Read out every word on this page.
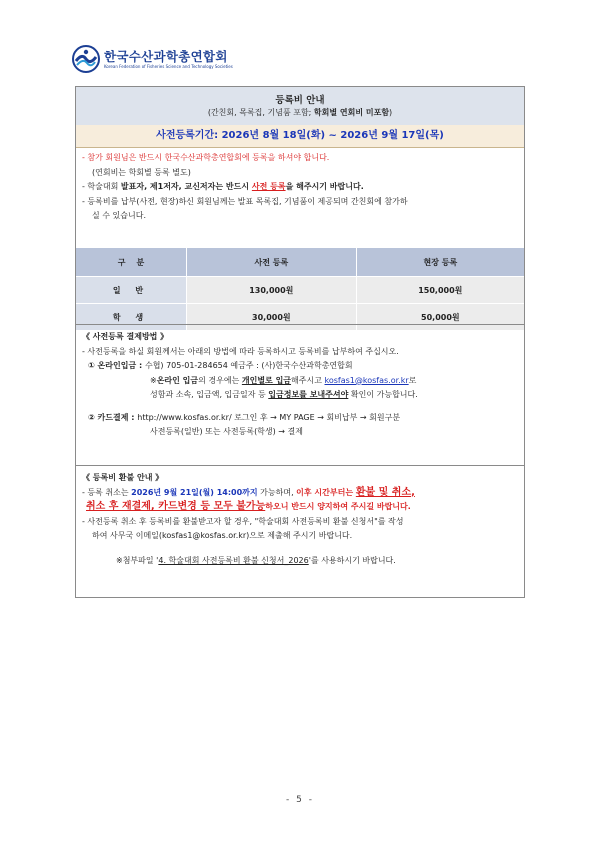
한국수산과학총연합회
Korean Federation of Fisheries Science and Technology Societies
등록비 안내
(간친회, 목록집, 기념품 포함; 학회별 연회비 미포함)
사전등록기간: 2026년 8월 18일(화) ~ 2026년 9월 17일(목)
- 참가 회원님은 반드시 한국수산과학총연합회에 등록을 하셔야 합니다.
(연회비는 학회별 등록 별도)
- 학술대회 발표자, 제1저자, 교신저자는 반드시 사전 등록을 해주시기 바랍니다.
- 등록비를 납부(사전, 현장)하신 회원님께는 발표 목록집, 기념품이 제공되며 간친회에 참가하
실 수 있습니다.
구    분	사전 등록	현장 등록
일 반	130,000원	150,000원
학 생	30,000원	50,000원
《 사전등록 결제방법 》
- 사전등록을 하실 회원께서는 아래의 방법에 따라 등록하시고 등록비를 납부하여 주십시오.
① 온라인입금 : 수협) 705-01-284654 예금주 : (사)한국수산과학총연합회
※온라인 입금의 경우에는 개인별로 입금해주시고 kosfas1@kosfas.or.kr로
성함과 소속, 입금액, 입금일자 등 입금정보를 보내주셔야 확인이 가능합니다.
② 카드결제 : http://www.kosfas.or.kr/ 로그인 후 → MY PAGE → 회비납부 → 회원구분
사전등록(일반) 또는 사전등록(학생) → 결제
《 등록비 환불 안내 》
- 등록 취소는 2026년 9월 21일(월) 14:00까지 가능하며, 이후 시간부터는 환불 및 취소,
취소 후 재결제, 카드변경 등 모두 불가능하오니 반드시 양지하여 주시길 바랍니다.
- 사전등록 취소 후 등록비를 환불받고자 할 경우, "학술대회 사전등록비 환불 신청서"를 작성
하여 사무국 이메일(kosfas1@kosfas.or.kr)으로 제출해 주시기 바랍니다.
※첨부파일 '4. 학술대회 사전등록비 환불 신청서_2026'를 사용하시기 바랍니다.
- 5 -
